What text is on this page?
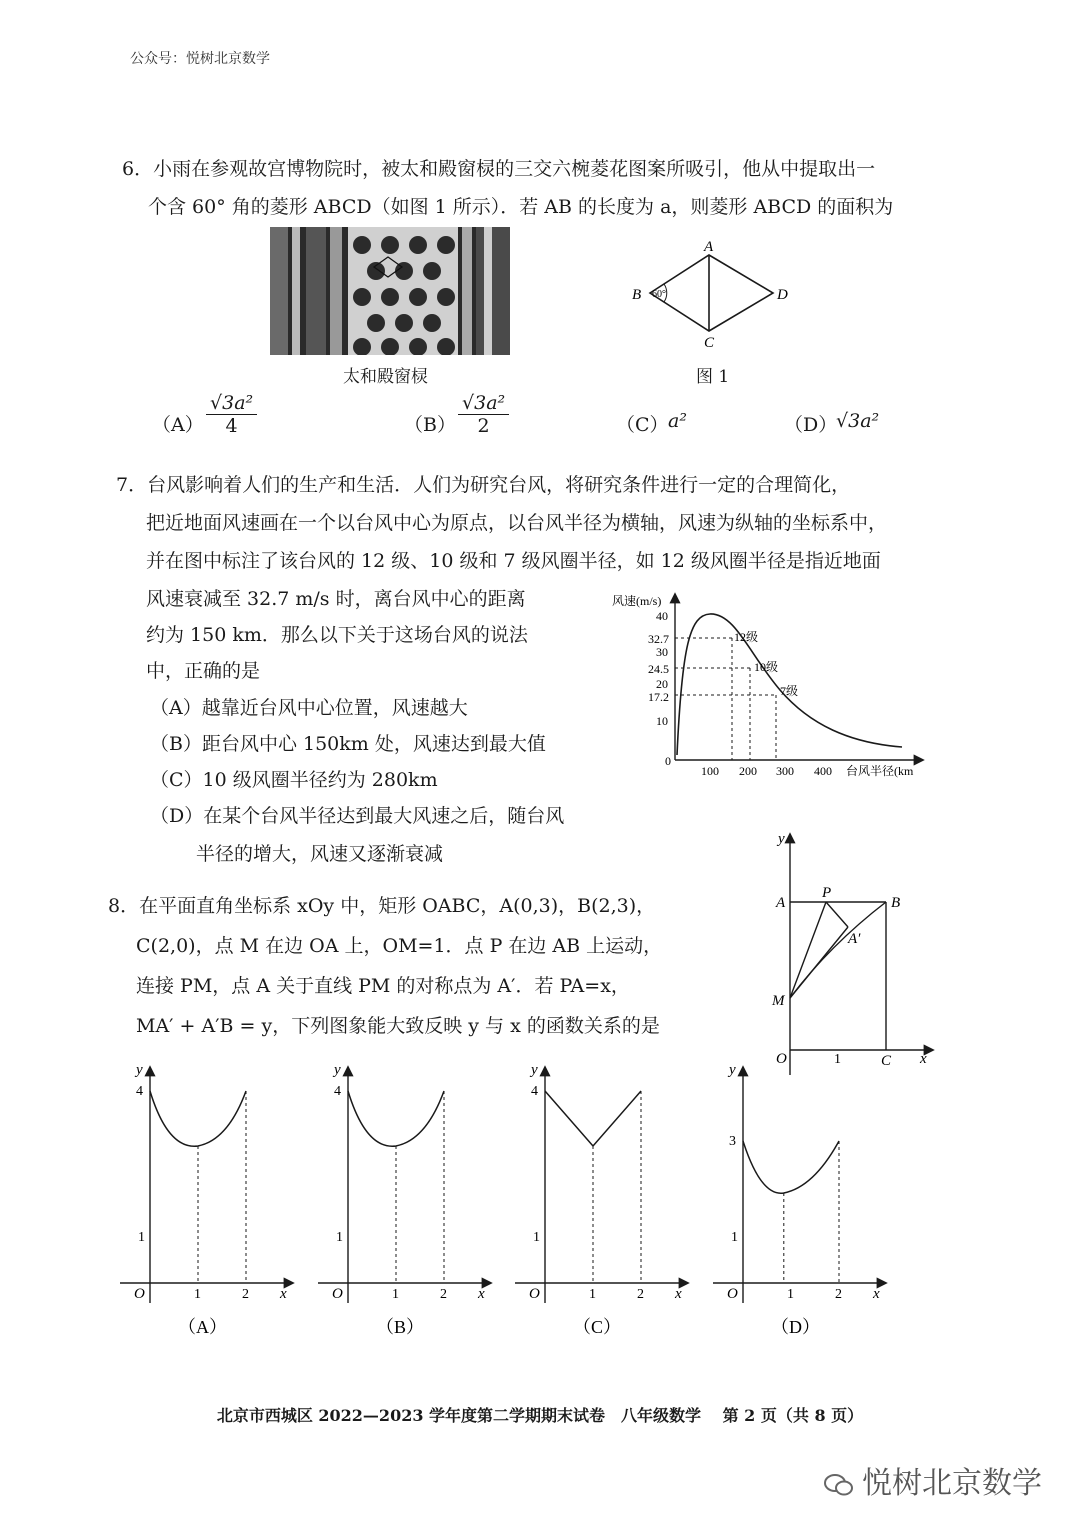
公众号：悦树北京数学
6．小雨在参观故宫博物院时，被太和殿窗棂的三交六椀菱花图案所吸引，他从中提取出一
个含 60° 角的菱形 ABCD（如图 1 所示）．若 AB 的长度为 a，则菱形 ABCD 的面积为
太和殿窗棂
A
B
C
D
60°
图 1
$(A) \frac{\text{√3a²}}{4}$	$(B) \frac{\text{√3a²}}{2}$	（C） a²	（D）
√3a²
7．台风影响着人们的生产和生活．人们为研究台风，将研究条件进行一定的合理简化，
把近地面风速画在一个以台风中心为原点，以台风半径为横轴，风速为纵轴的坐标系中，
并在图中标注了该台风的 12 级、10 级和 7 级风圈半径，如 12 级风圈半径是指近地面
风速衰减至 32.7 m/s 时，离台风中心的距离
约为 150 km．那么以下关于这场台风的说法
中，正确的是
（A）越靠近台风中心位置，风速越大
（B）距台风中心 150km 处，风速达到最大值
（C）10 级风圈半径约为 280km
（D）在某个台风半径达到最大风速之后，随台风
半径的增大，风速又逐渐衰减
风速(m/s)
台风半径(km
0
40
32.7
30
24.5
20
17.2
10
100 200 300 400
12级
10级
7级
8．在平面直角坐标系 xOy 中，矩形 OABC，A(0,3)，B(2,3)，
C(2,0)，点 M 在边 OA 上，OM=1．点 P 在边 AB 上运动，
连接 PM，点 A 关于直线 PM 的对称点为 A′．若 PA=x，
MA′ + A′B = y，下列图象能大致反映 y 与 x 的函数关系的是
y
x
O
A	B
C
P
M
A′
1
4
1
1	2
O	x
y
（A）
4
1
1	2
O	x
y
（B）
4
1
1	2
O	x
y
（C）
3
1
1	2
O	x
y
（D）
北京市西城区 2022—2023 学年度第二学期期末试卷　八年级数学　 第 2 页（共 8 页）
悦树北京数学
